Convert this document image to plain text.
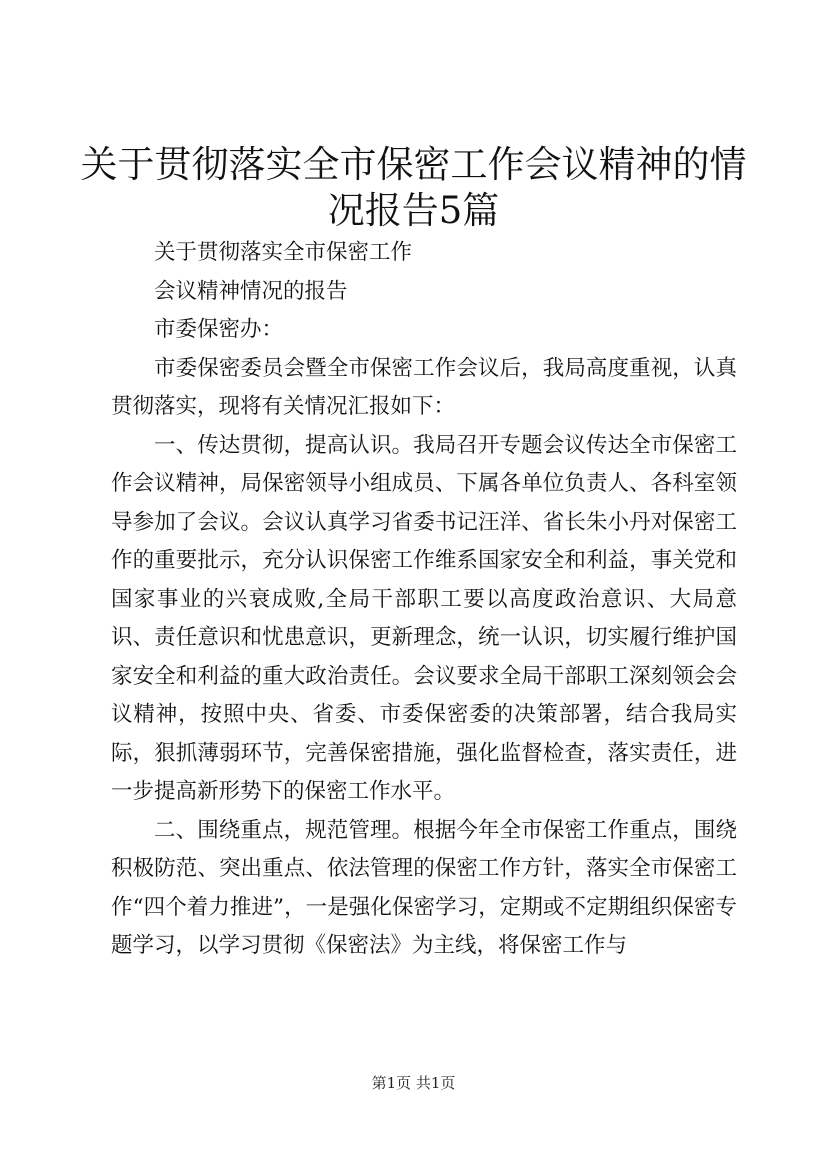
关于贯彻落实全市保密工作会议精神的情况报告5篇

关于贯彻落实全市保密工作

会议精神情况的报告

市委保密办：

市委保密委员会暨全市保密工作会议后，我局高度重视，认真贯彻落实，现将有关情况汇报如下：

一、传达贯彻，提高认识。我局召开专题会议传达全市保密工作会议精神，局保密领导小组成员、下属各单位负责人、各科室领导参加了会议。会议认真学习省委书记汪洋、省长朱小丹对保密工作的重要批示，充分认识保密工作维系国家安全和利益，事关党和国家事业的兴衰成败,全局干部职工要以高度政治意识、大局意识、责任意识和忧患意识，更新理念，统一认识，切实履行维护国家安全和利益的重大政治责任。会议要求全局干部职工深刻领会会议精神，按照中央、省委、市委保密委的决策部署，结合我局实际，狠抓薄弱环节，完善保密措施，强化监督检查，落实责任，进一步提高新形势下的保密工作水平。

二、围绕重点，规范管理。根据今年全市保密工作重点，围绕积极防范、突出重点、依法管理的保密工作方针，落实全市保密工作“四个着力推进”，一是强化保密学习，定期或不定期组织保密专题学习，以学习贯彻《保密法》为主线，将保密工作与

第1页 共1页
